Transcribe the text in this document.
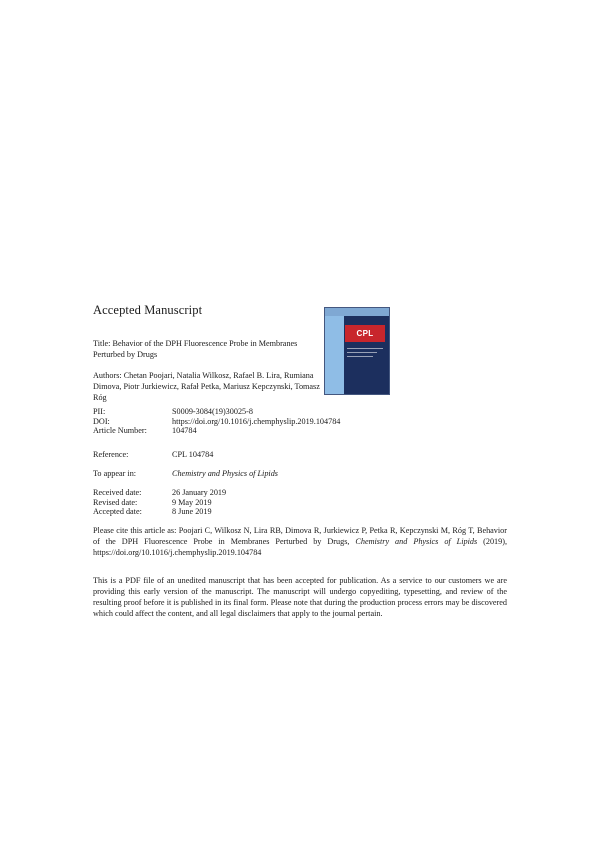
Accepted Manuscript
Title: Behavior of the DPH Fluorescence Probe in Membranes Perturbed by Drugs
Authors: Chetan Poojari, Natalia Wilkosz, Rafael B. Lira, Rumiana Dimova, Piotr Jurkiewicz, Rafał Petka, Mariusz Kepczynski, Tomasz Róg
CPL
PII:	S0009-3084(19)30025-8
DOI:	https://doi.org/10.1016/j.chemphyslip.2019.104784
Article Number:	104784
Reference:	CPL 104784
To appear in:	Chemistry and Physics of Lipids
Received date:	26 January 2019
Revised date:	9 May 2019
Accepted date:	8 June 2019
Please cite this article as: Poojari C, Wilkosz N, Lira RB, Dimova R, Jurkiewicz P, Petka R, Kepczynski M, Róg T, Behavior of the DPH Fluorescence Probe in Membranes Perturbed by Drugs, Chemistry and Physics of Lipids (2019), https://doi.org/10.1016/j.chemphyslip.2019.104784
This is a PDF file of an unedited manuscript that has been accepted for publication. As a service to our customers we are providing this early version of the manuscript. The manuscript will undergo copyediting, typesetting, and review of the resulting proof before it is published in its final form. Please note that during the production process errors may be discovered which could affect the content, and all legal disclaimers that apply to the journal pertain.
